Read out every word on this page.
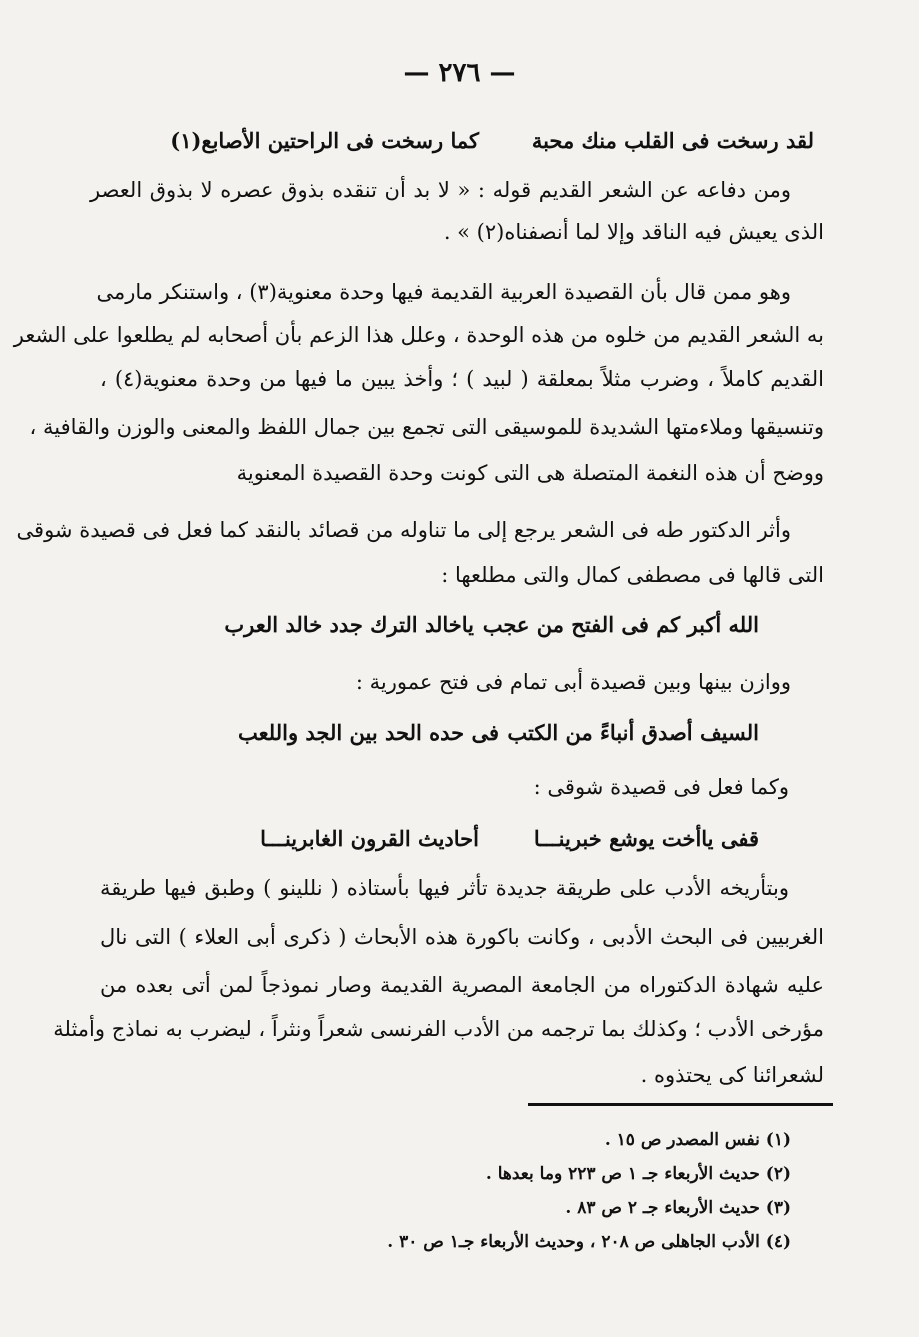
— ٢٧٦ —
لقد رسخت فى القلب منك محبة
كما رسخت فى الراحتين الأصابع(١)
ومن دفاعه عن الشعر القديم قوله : « لا بد أن تنقده بذوق عصره لا بذوق العصر
الذى يعيش فيه الناقد وإلا لما أنصفناه(٢) » .
وهو ممن قال بأن القصيدة العربية القديمة فيها وحدة معنوية(٣) ، واستنكر مارمى
به الشعر القديم من خلوه من هذه الوحدة ، وعلل هذا الزعم بأن أصحابه لم يطلعوا على الشعر
القديم كاملاً ، وضرب مثلاً بمعلقة ( لبيد ) ؛ وأخذ يبين ما فيها من وحدة معنوية(٤) ،
وتنسيقها وملاءمتها الشديدة للموسيقى التى تجمع بين جمال اللفظ والمعنى والوزن والقافية ،
ووضح أن هذه النغمة المتصلة هى التى كونت وحدة القصيدة المعنوية
وأثر الدكتور طه فى الشعر يرجع إلى ما تناوله من قصائد بالنقد كما فعل فى قصيدة شوقى
التى قالها فى مصطفى كمال والتى مطلعها :
الله أكبر كم فى الفتح من عجب
ياخالد الترك جدد خالد العرب
ووازن بينها وبين قصيدة أبى تمام فى فتح عمورية :
السيف أصدق أنباءً من الكتب
فى حده الحد بين الجد واللعب
وكما فعل فى قصيدة شوقى :
قفى ياأخت يوشع خبرينـــا
أحاديث القرون الغابرينـــا
وبتأريخه الأدب على طريقة جديدة تأثر فيها بأستاذه ( نللينو ) وطبق فيها طريقة
الغربيين فى البحث الأدبى ، وكانت باكورة هذه الأبحاث ( ذكرى أبى العلاء ) التى نال
عليه شهادة الدكتوراه من الجامعة المصرية القديمة وصار نموذجاً لمن أتى بعده من
مؤرخى الأدب ؛ وكذلك بما ترجمه من الأدب الفرنسى شعراً ونثراً ، ليضرب به نماذج وأمثلة
لشعرائنا كى يحتذوه .
(١) نفس المصدر ص ١٥ .
(٢) حديث الأربعاء جـ ١ ص ٢٢٣ وما بعدها .
(٣) حديث الأربعاء جـ ٢ ص ٨٣ .
(٤) الأدب الجاهلى ص ٢٠٨ ، وحديث الأربعاء جـ١ ص ٣٠ .
